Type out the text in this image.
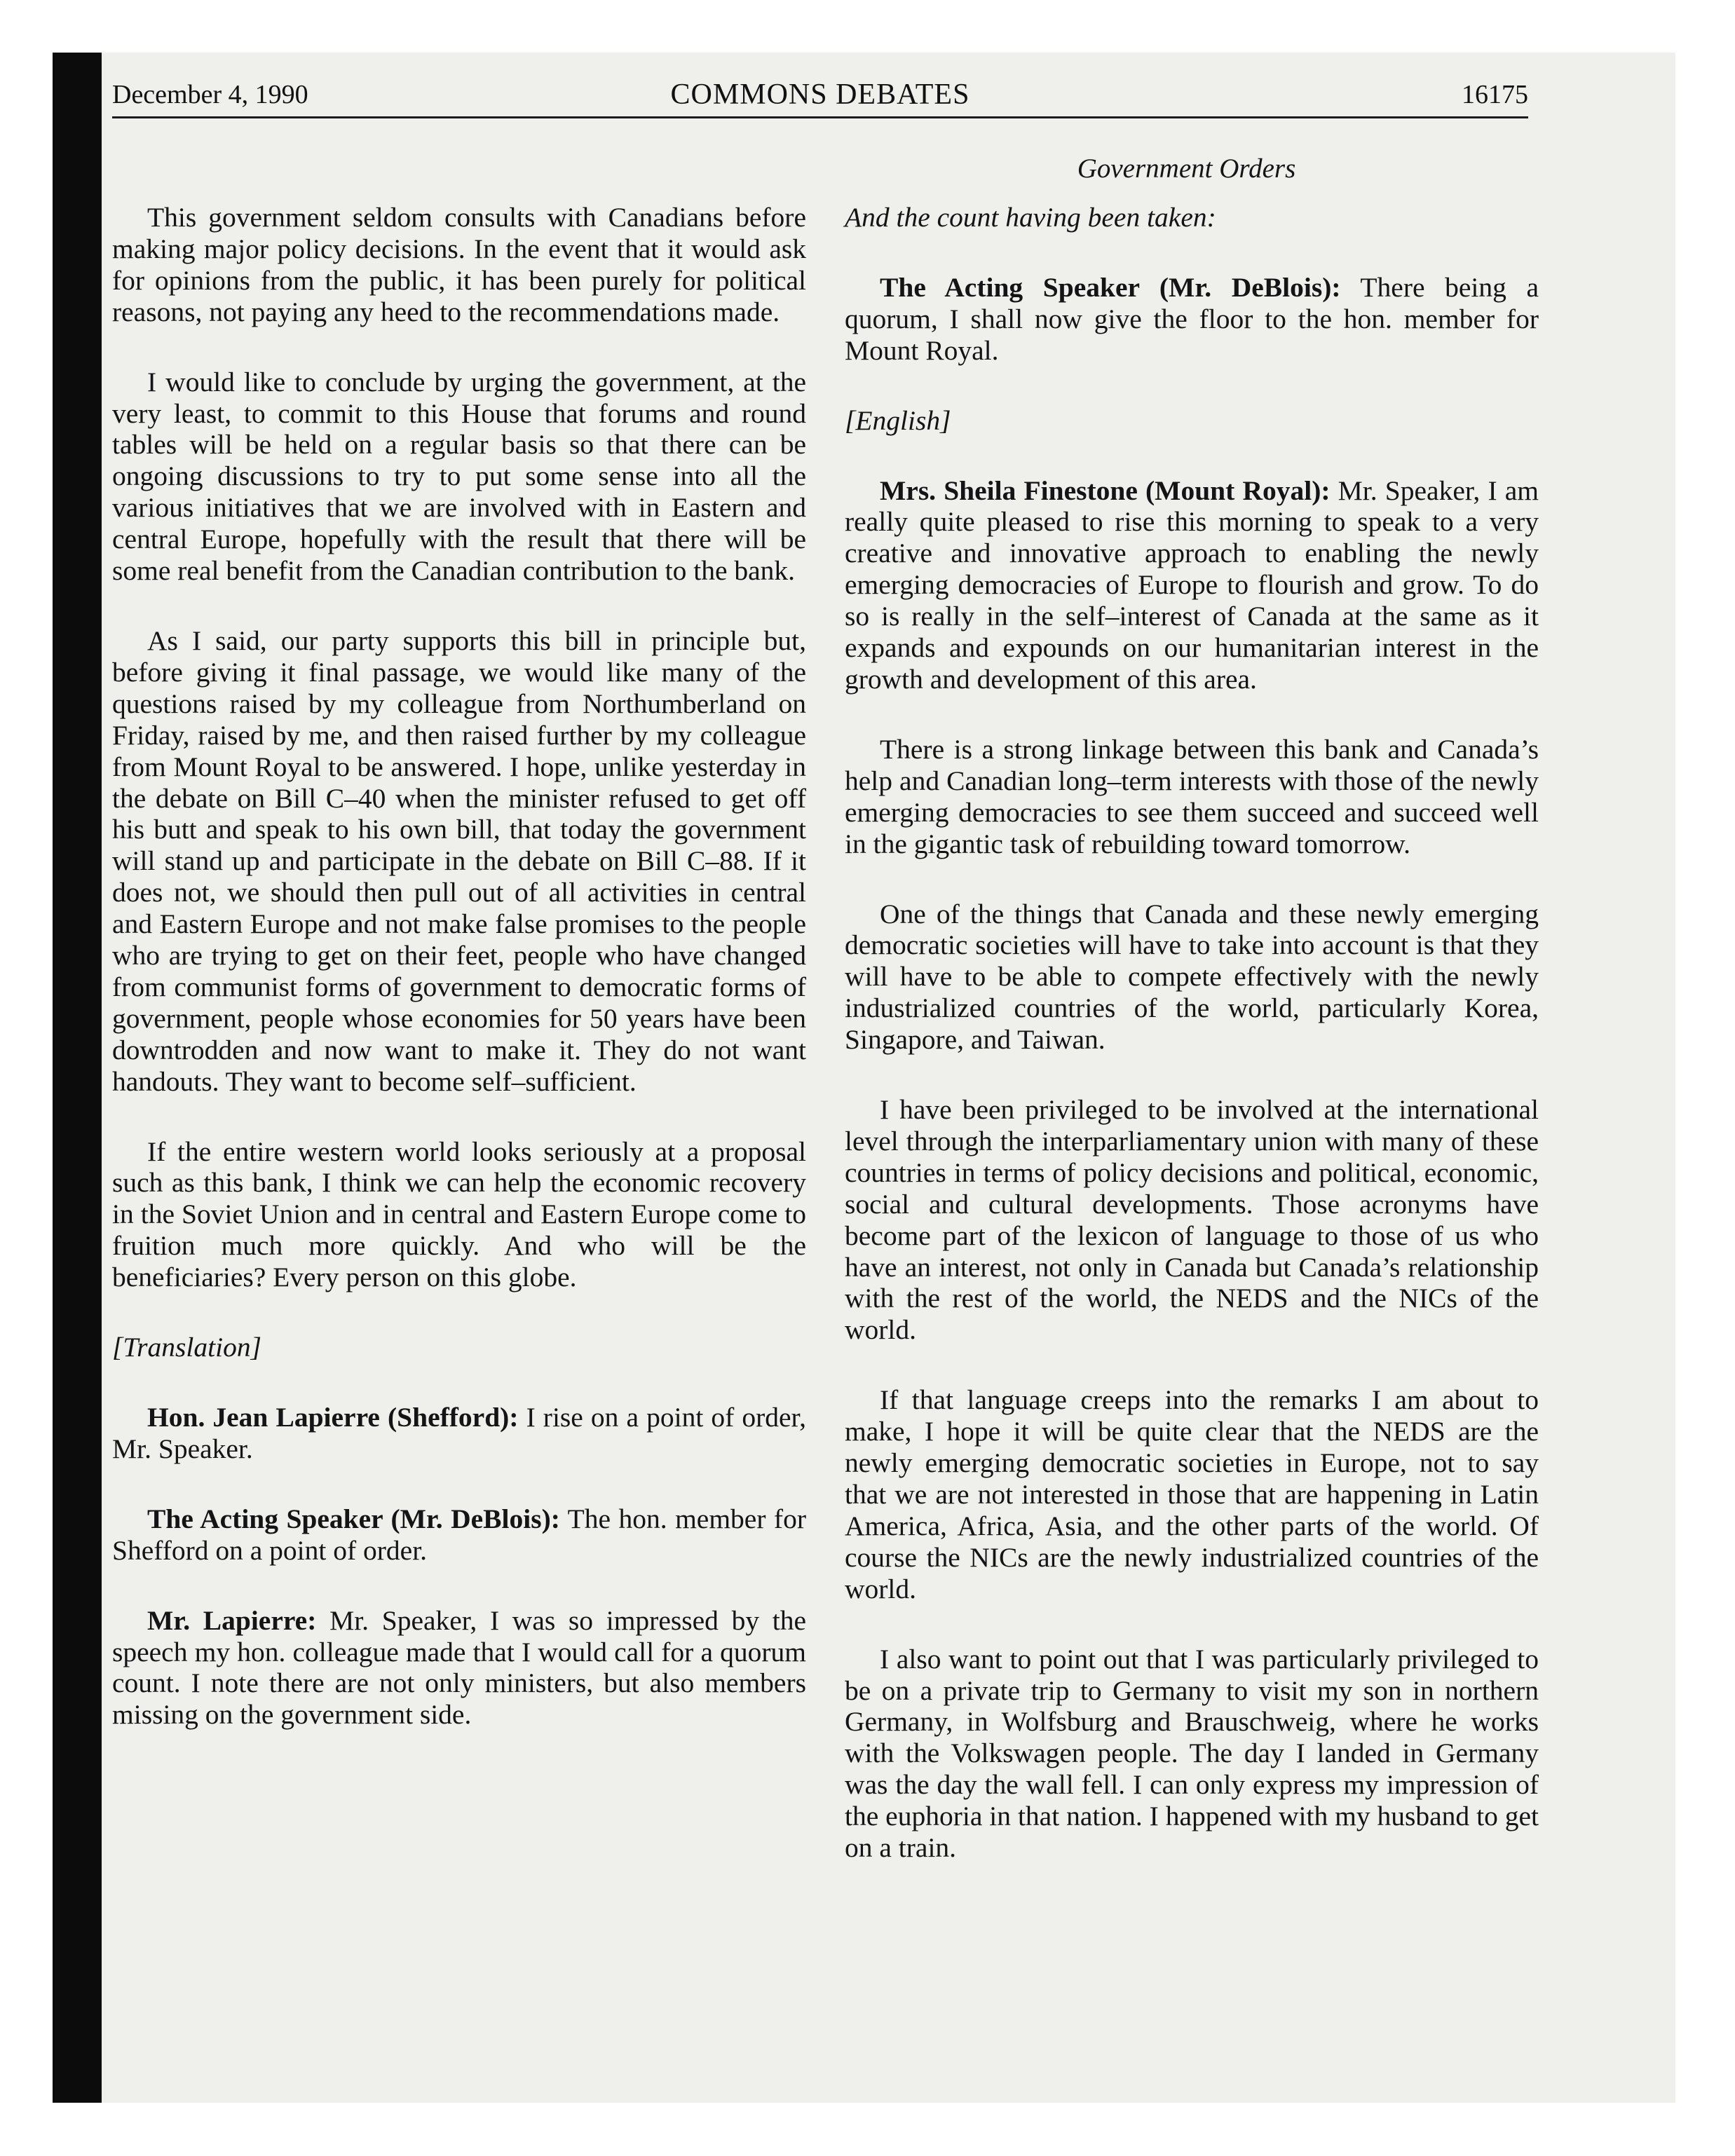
December 4, 1990	COMMONS DEBATES	16175
Government Orders

This government seldom consults with Canadians before making major policy decisions. In the event that it would ask for opinions from the public, it has been purely for political reasons, not paying any heed to the recommendations made.

I would like to conclude by urging the government, at the very least, to commit to this House that forums and round tables will be held on a regular basis so that there can be ongoing discussions to try to put some sense into all the various initiatives that we are involved with in Eastern and central Europe, hopefully with the result that there will be some real benefit from the Canadian contribution to the bank.

As I said, our party supports this bill in principle but, before giving it final passage, we would like many of the questions raised by my colleague from Northumberland on Friday, raised by me, and then raised further by my colleague from Mount Royal to be answered. I hope, unlike yesterday in the debate on Bill C–40 when the minister refused to get off his butt and speak to his own bill, that today the government will stand up and participate in the debate on Bill C–88. If it does not, we should then pull out of all activities in central and Eastern Europe and not make false promises to the people who are trying to get on their feet, people who have changed from communist forms of government to democratic forms of government, people whose economies for 50 years have been downtrodden and now want to make it. They do not want handouts. They want to become self–sufficient.

If the entire western world looks seriously at a proposal such as this bank, I think we can help the economic recovery in the Soviet Union and in central and Eastern Europe come to fruition much more quickly. And who will be the beneficiaries? Every person on this globe.

[Translation]

Hon. Jean Lapierre (Shefford): I rise on a point of order, Mr. Speaker.

The Acting Speaker (Mr. DeBlois): The hon. member for Shefford on a point of order.

Mr. Lapierre: Mr. Speaker, I was so impressed by the speech my hon. colleague made that I would call for a quorum count. I note there are not only ministers, but also members missing on the government side.

And the count having been taken:

The Acting Speaker (Mr. DeBlois): There being a quorum, I shall now give the floor to the hon. member for Mount Royal.

[English]

Mrs. Sheila Finestone (Mount Royal): Mr. Speaker, I am really quite pleased to rise this morning to speak to a very creative and innovative approach to enabling the newly emerging democracies of Europe to flourish and grow. To do so is really in the self–interest of Canada at the same as it expands and expounds on our humanitarian interest in the growth and development of this area.

There is a strong linkage between this bank and Canada’s help and Canadian long–term interests with those of the newly emerging democracies to see them succeed and succeed well in the gigantic task of rebuilding toward tomorrow.

One of the things that Canada and these newly emerging democratic societies will have to take into account is that they will have to be able to compete effectively with the newly industrialized countries of the world, particularly Korea, Singapore, and Taiwan.

I have been privileged to be involved at the international level through the interparliamentary union with many of these countries in terms of policy decisions and political, economic, social and cultural developments. Those acronyms have become part of the lexicon of language to those of us who have an interest, not only in Canada but Canada’s relationship with the rest of the world, the NEDS and the NICs of the world.

If that language creeps into the remarks I am about to make, I hope it will be quite clear that the NEDS are the newly emerging democratic societies in Europe, not to say that we are not interested in those that are happening in Latin America, Africa, Asia, and the other parts of the world. Of course the NICs are the newly industrialized countries of the world.

I also want to point out that I was particularly privileged to be on a private trip to Germany to visit my son in northern Germany, in Wolfsburg and Brauschweig, where he works with the Volkswagen people. The day I landed in Germany was the day the wall fell. I can only express my impression of the euphoria in that nation. I happened with my husband to get on a train.
